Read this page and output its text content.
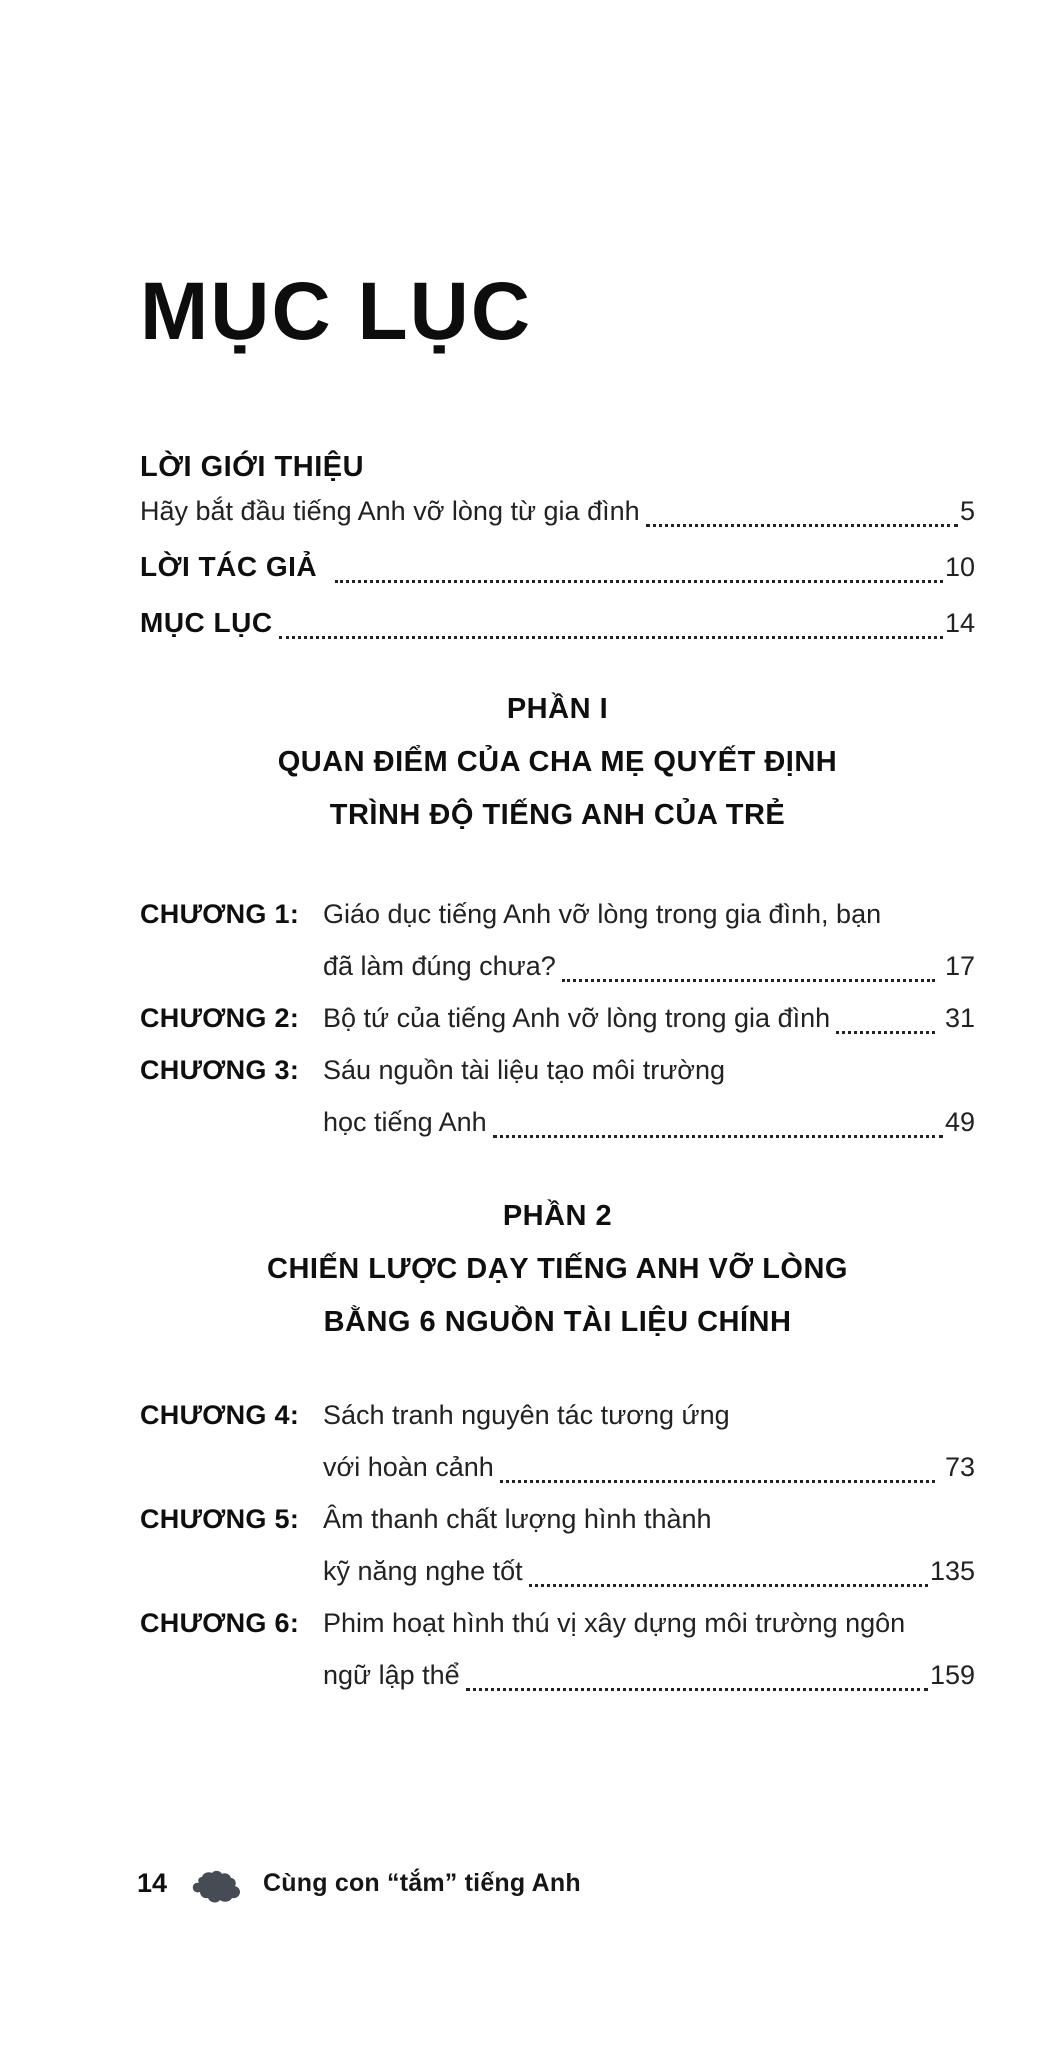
MỤC LỤC
LỜI GIỚI THIỆU
Hãy bắt đầu tiếng Anh vỡ lòng từ gia đình	5
LỜI TÁC GIẢ	10
MỤC LỤC	14
PHẦN I
QUAN ĐIỂM CỦA CHA MẸ QUYẾT ĐỊNH
TRÌNH ĐỘ TIẾNG ANH CỦA TRẺ
CHƯƠNG 1: Giáo dục tiếng Anh vỡ lòng trong gia đình, bạn
đã làm đúng chưa?	17
CHƯƠNG 2: Bộ tứ của tiếng Anh vỡ lòng trong gia đình	31
CHƯƠNG 3: Sáu nguồn tài liệu tạo môi trường
học tiếng Anh	49
PHẦN 2
CHIẾN LƯỢC DẠY TIẾNG ANH VỠ LÒNG
BẰNG 6 NGUỒN TÀI LIỆU CHÍNH
CHƯƠNG 4: Sách tranh nguyên tác tương ứng
với hoàn cảnh	73
CHƯƠNG 5: Âm thanh chất lượng hình thành
kỹ năng nghe tốt	135
CHƯƠNG 6: Phim hoạt hình thú vị xây dựng môi trường ngôn
ngữ lập thể	159
14	Cùng con “tắm” tiếng Anh
